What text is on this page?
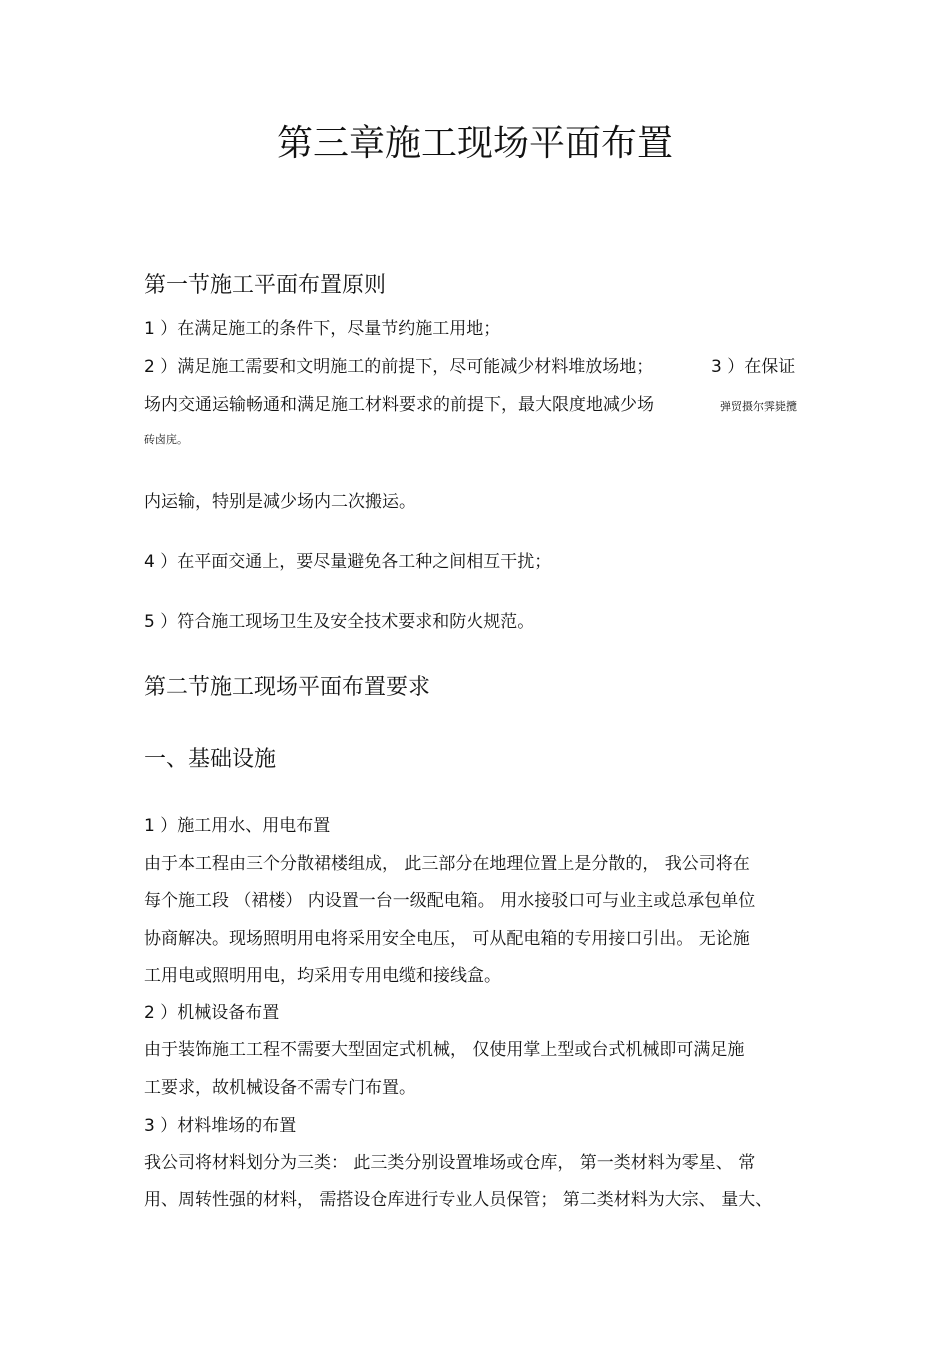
第三章施工现场平面布置
第一节施工平面布置原则
1 ）在满足施工的条件下，尽量节约施工用地；
2 ）满足施工需要和文明施工的前提下，尽可能减少材料堆放场地；	3 ）在保证
场内交通运输畅通和满足施工材料要求的前提下，最大限度地减少场	弹贸摄尔霁毙攬
砖卤庑。
内运输，特别是减少场内二次搬运。
4 ）在平面交通上，要尽量避免各工种之间相互干扰；
5 ）符合施工现场卫生及安全技术要求和防火规范。
第二节施工现场平面布置要求
一、基础设施
1 ）施工用水、用电布置
由于本工程由三个分散裙楼组成， 此三部分在地理位置上是分散的， 我公司将在
每个施工段 （裙楼） 内设置一台一级配电箱。 用水接驳口可与业主或总承包单位
协商解决。现场照明用电将采用安全电压， 可从配电箱的专用接口引出。 无论施
工用电或照明用电，均采用专用电缆和接线盒。
2 ）机械设备布置
由于装饰施工工程不需要大型固定式机械， 仅使用掌上型或台式机械即可满足施
工要求，故机械设备不需专门布置。
3 ）材料堆场的布置
我公司将材料划分为三类： 此三类分别设置堆场或仓库， 第一类材料为零星、 常
用、周转性强的材料， 需搭设仓库进行专业人员保管； 第二类材料为大宗、 量大、
